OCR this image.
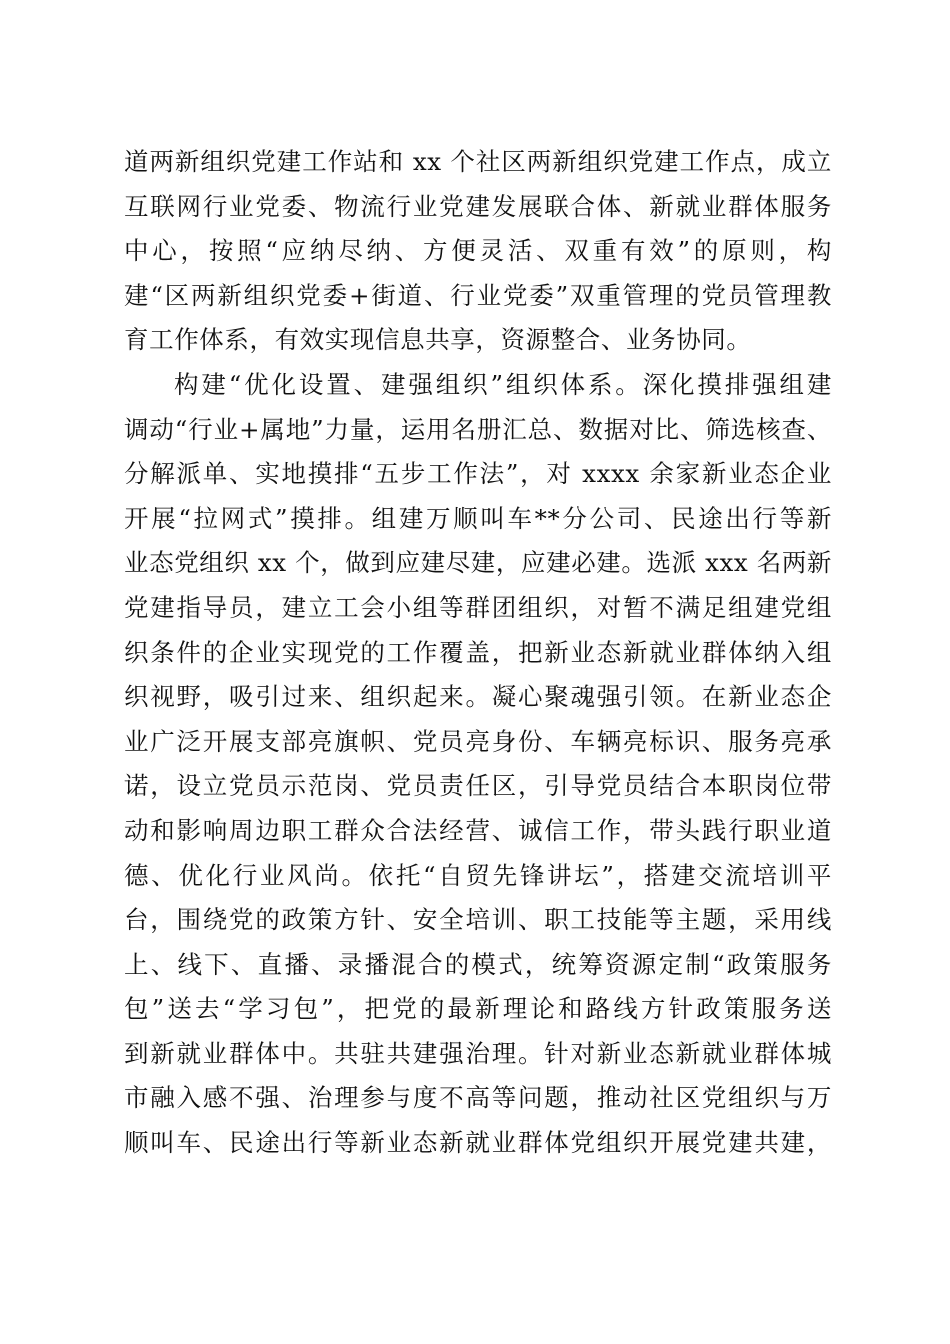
道两新组织党建工作站和 xx 个社区两新组织党建工作点，成立
互联网行业党委、物流行业党建发展联合体、新就业群体服务
中心，按照“应纳尽纳、方便灵活、双重有效”的原则，构
建“区两新组织党委+街道、行业党委”双重管理的党员管理教
育工作体系，有效实现信息共享，资源整合、业务协同。
构建“优化设置、建强组织”组织体系。深化摸排强组建
调动“行业+属地”力量，运用名册汇总、数据对比、筛选核查、
分解派单、实地摸排“五步工作法”，对 xxxx 余家新业态企业
开展“拉网式”摸排。组建万顺叫车**分公司、民途出行等新
业态党组织 xx 个，做到应建尽建，应建必建。选派 xxx 名两新
党建指导员，建立工会小组等群团组织，对暂不满足组建党组
织条件的企业实现党的工作覆盖，把新业态新就业群体纳入组
织视野，吸引过来、组织起来。凝心聚魂强引领。在新业态企
业广泛开展支部亮旗帜、党员亮身份、车辆亮标识、服务亮承
诺，设立党员示范岗、党员责任区，引导党员结合本职岗位带
动和影响周边职工群众合法经营、诚信工作，带头践行职业道
德、优化行业风尚。依托“自贸先锋讲坛”，搭建交流培训平
台，围绕党的政策方针、安全培训、职工技能等主题，采用线
上、线下、直播、录播混合的模式，统筹资源定制“政策服务
包”送去“学习包”，把党的最新理论和路线方针政策服务送
到新就业群体中。共驻共建强治理。针对新业态新就业群体城
市融入感不强、治理参与度不高等问题，推动社区党组织与万
顺叫车、民途出行等新业态新就业群体党组织开展党建共建，
